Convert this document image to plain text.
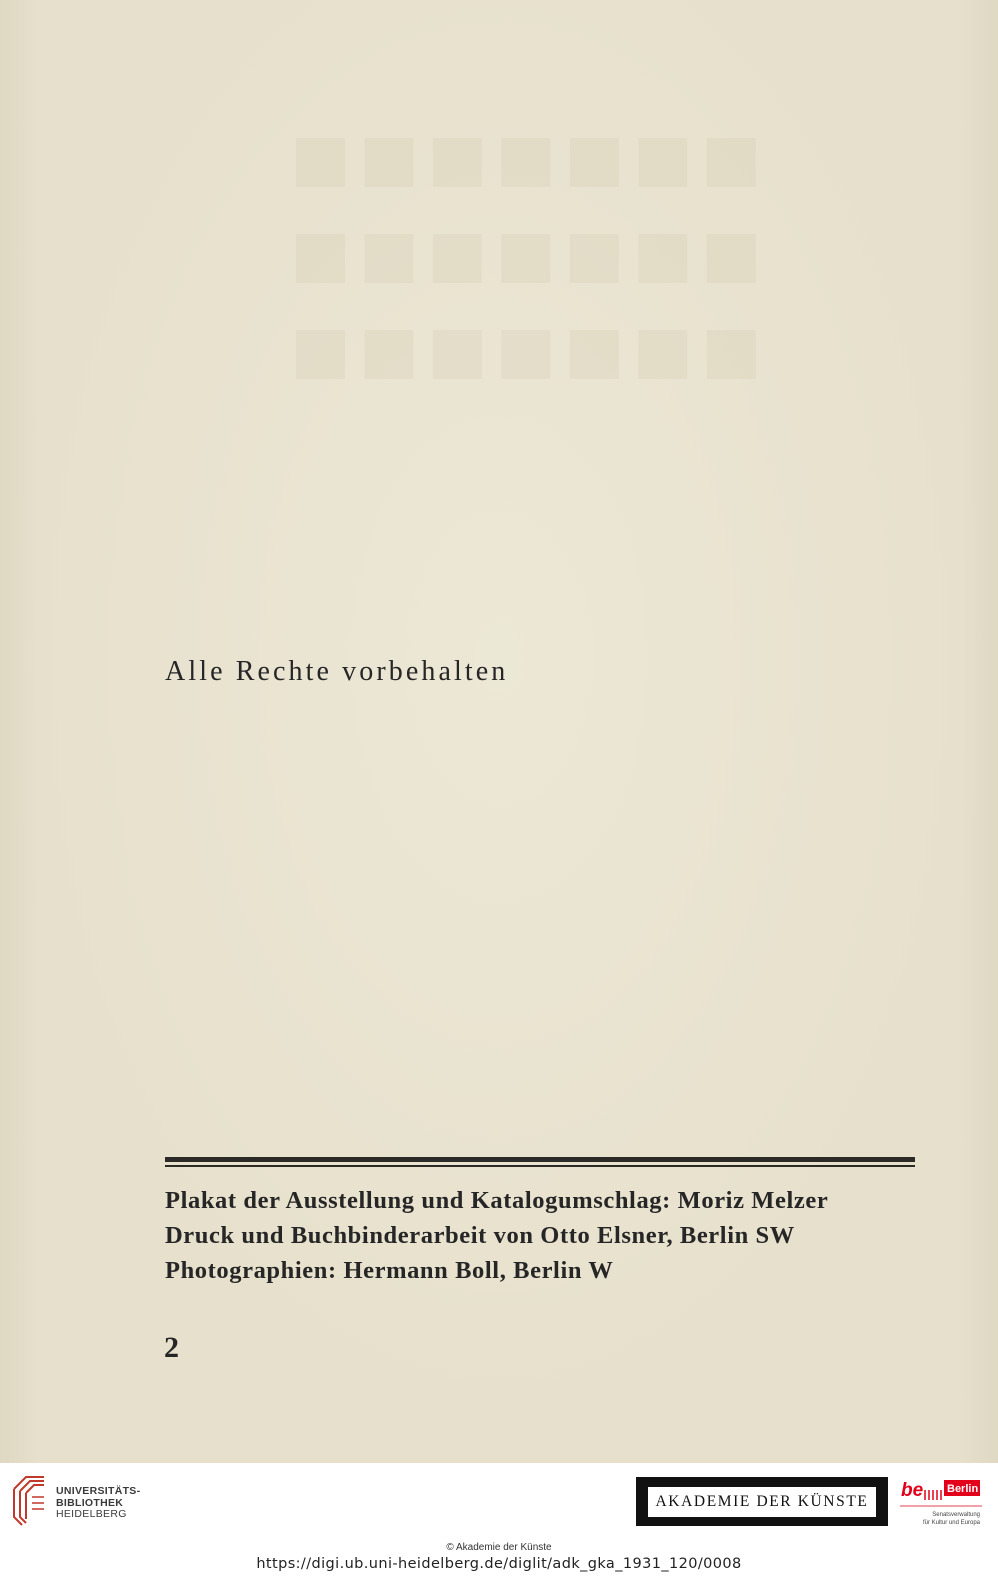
■■■■■■■
■■■■■■■
■■■■■■■
Alle Rechte vorbehalten
Plakat der Ausstellung und Katalogumschlag: Moriz Melzer
Druck und Buchbinderarbeit von Otto Elsner, Berlin SW
Photographien: Hermann Boll, Berlin W
2
UNIVERSITÄTS-
BIBLIOTHEK
HEIDELBERG
AKADEMIE DER KÜNSTE	be Berlin
Senatsverwaltung
für Kultur und Europa
© Akademie der Künste
https://digi.ub.uni-heidelberg.de/diglit/adk_gka_1931_120/0008
